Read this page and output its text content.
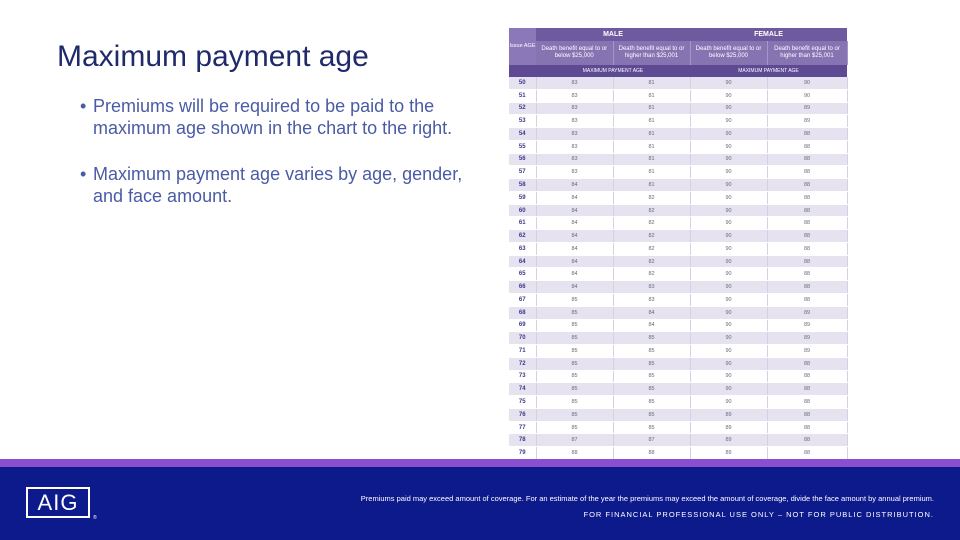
Maximum payment age
• Premiums will be required to be paid to the maximum age shown in the chart to the right.
• Maximum payment age varies by age, gender, and face amount.
Issue AGE	MALE		FEMALE	
	Death benefit equal to or below $25,000	Death benefit equal to or higher than $25,001	Death benefit equal to or below $25,000	Death benefit equal to or higher than $25,001
	MAXIMUM PAYMENT AGE		MAXIMUM PAYMENT AGE	
50	83	81	90	90
51	83	81	90	90
52	83	81	90	89
53	83	81	90	89
54	83	81	90	88
55	83	81	90	88
56	83	81	90	88
57	83	81	90	88
58	84	81	90	88
59	84	82	90	88
60	84	82	90	88
61	84	82	90	88
62	84	82	90	88
63	84	82	90	88
64	84	82	90	88
65	84	82	90	88
66	84	83	90	88
67	85	83	90	88
68	85	84	90	89
69	85	84	90	89
70	85	85	90	89
71	85	85	90	89
72	85	85	90	88
73	85	85	90	88
74	85	85	90	88
75	85	85	90	88
76	85	85	89	88
77	85	85	89	88
78	87	87	89	88
79	88	88	89	88

AIG
®
Premiums paid may exceed amount of coverage. For an estimate of the year the premiums may exceed the amount of coverage, divide the face amount by annual premium.
FOR FINANCIAL PROFESSIONAL USE ONLY – NOT FOR PUBLIC DISTRIBUTION.
